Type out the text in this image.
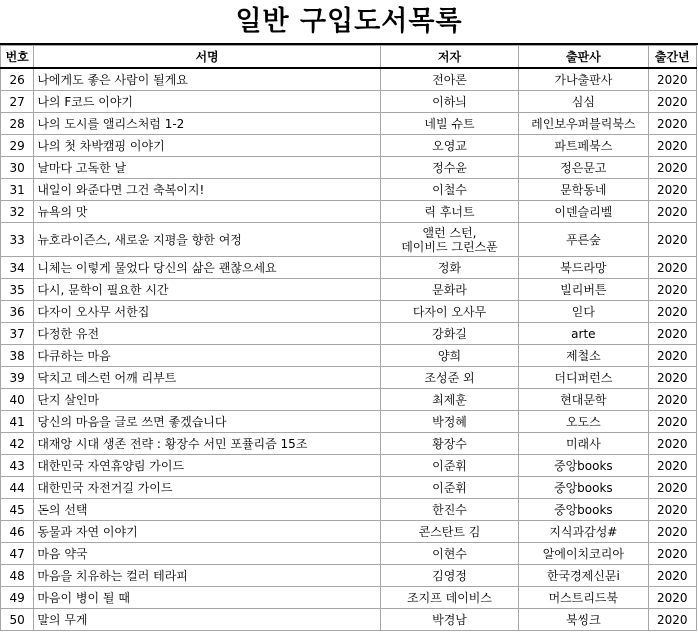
일반 구입도서목록
번호	서명	저자	출판사	출간년
26	나에게도 좋은 사람이 될게요	전아론	가나출판사	2020
27	나의 F코드 이야기	이하늬	심심	2020
28	나의 도시를 앨리스처럼 1-2	네빌 슈트	레인보우퍼블릭북스	2020
29	나의 첫 차박캠핑 이야기	오영교	파트페북스	2020
30	날마다 고독한 날	정수윤	정은문고	2020
31	내일이 와준다면 그건 축복이지!	이철수	문학동네	2020
32	뉴욕의 맛	릭 후너트	이덴슬리벨	2020
33	뉴호라이즌스, 새로운 지평을 향한 여정	앨런 스턴,
데이비드 그린스푼	푸른숲	2020
34	니체는 이렇게 물었다 당신의 삶은 괜찮으세요	정화	북드라망	2020
35	다시, 문학이 필요한 시간	문화라	빌리버튼	2020
36	다자이 오사무 서한집	다자이 오사무	읻다	2020
37	다정한 유전	강화길	arte	2020
38	다큐하는 마음	양희	제철소	2020
39	닥치고 데스런 어깨 리부트	조성준 외	더디퍼런스	2020
40	단지 살인마	최제훈	현대문학	2020
41	당신의 마음을 글로 쓰면 좋겠습니다	박정혜	오도스	2020
42	대재앙 시대 생존 전략 : 황장수 서민 포퓰리즘 15조	황장수	미래사	2020
43	대한민국 자연휴양림 가이드	이준휘	중앙books	2020
44	대한민국 자전거길 가이드	이준휘	중앙books	2020
45	돈의 선택	한진수	중앙books	2020
46	동물과 자연 이야기	콘스탄트 김	지식과감성#	2020
47	마음 약국	이현수	알에이치코리아	2020
48	마음을 치유하는 컬러 테라피	김영정	한국경제신문i	2020
49	마음이 병이 될 때	조지프 데이비스	머스트리드북	2020
50	말의 무게	박경남	북씽크	2020
